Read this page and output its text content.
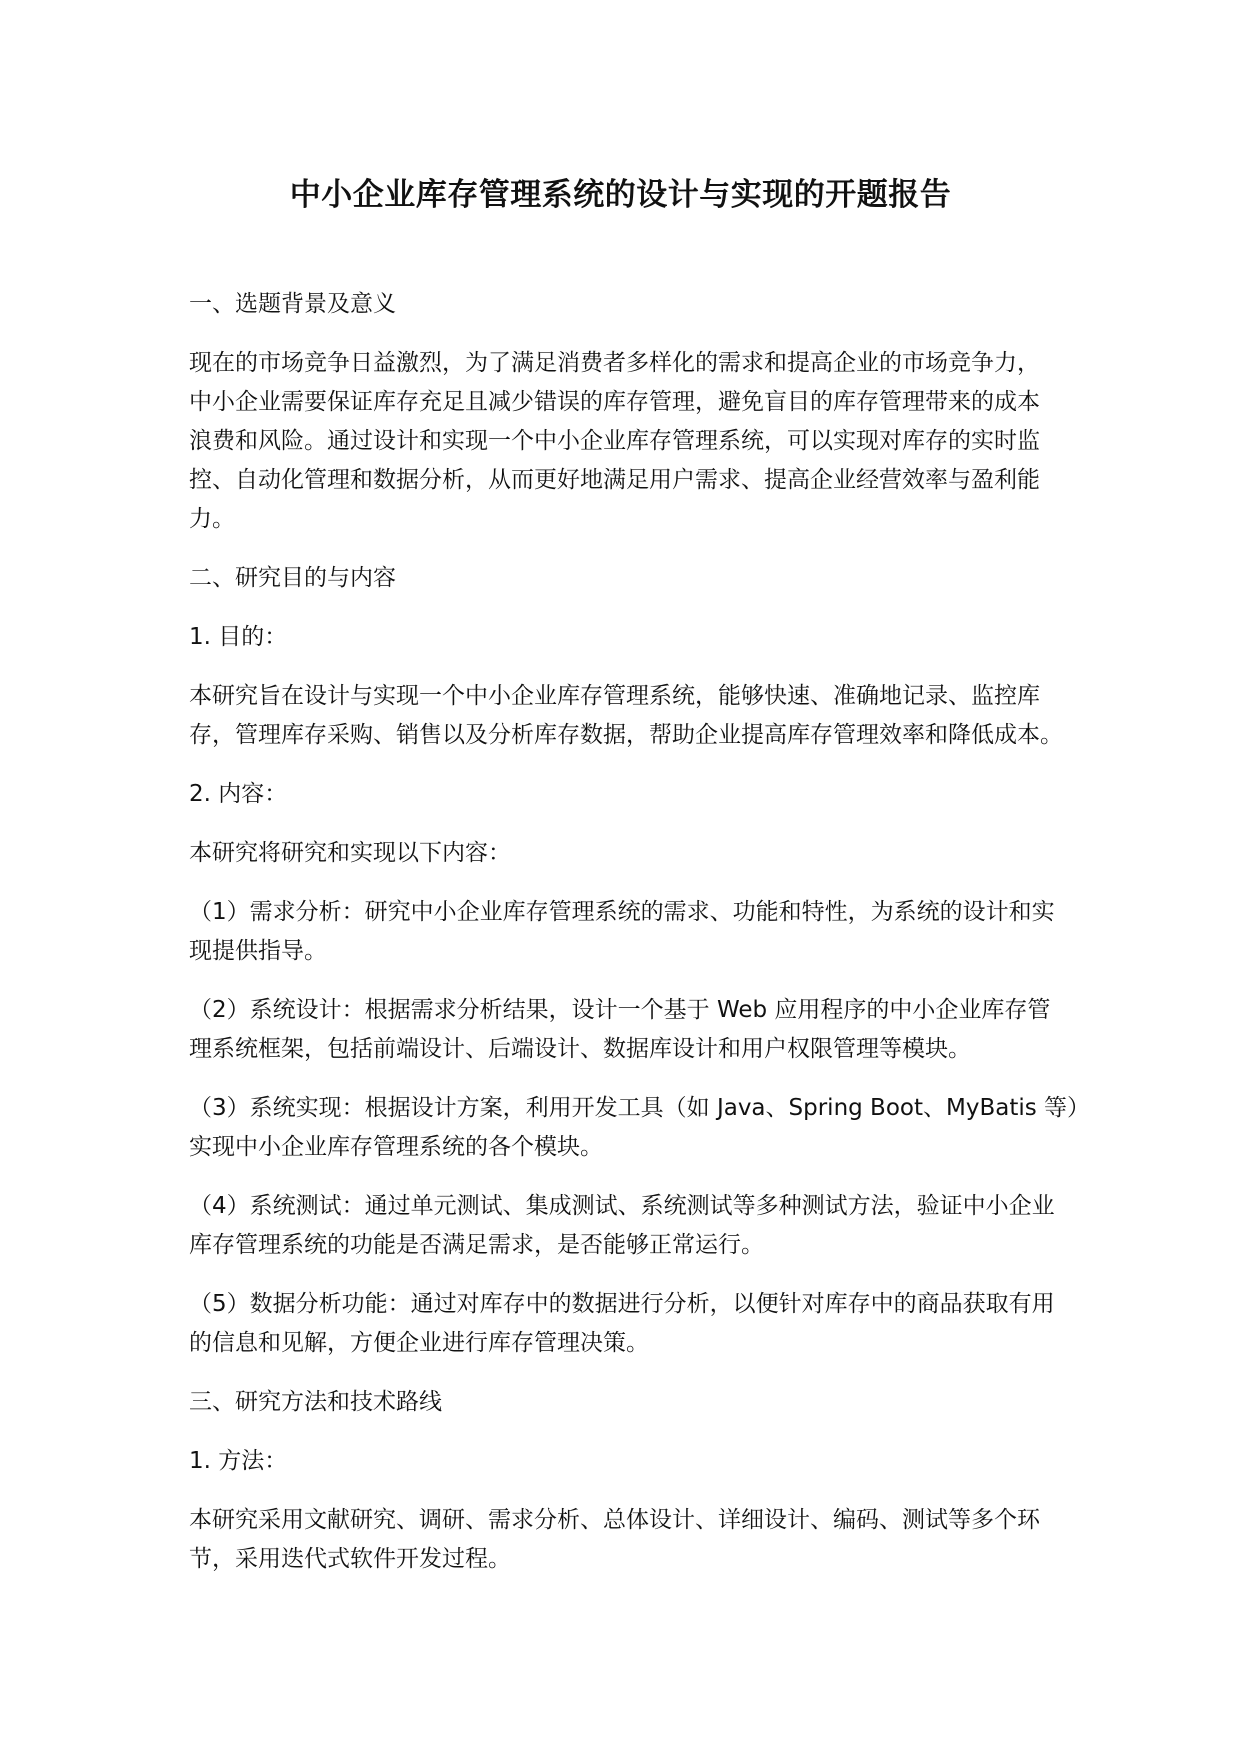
中小企业库存管理系统的设计与实现的开题报告
一、选题背景及意义
现在的市场竞争日益激烈，为了满足消费者多样化的需求和提高企业的市场竞争力，
中小企业需要保证库存充足且减少错误的库存管理，避免盲目的库存管理带来的成本
浪费和风险。通过设计和实现一个中小企业库存管理系统，可以实现对库存的实时监
控、自动化管理和数据分析，从而更好地满足用户需求、提高企业经营效率与盈利能
力。
二、研究目的与内容
1. 目的：
本研究旨在设计与实现一个中小企业库存管理系统，能够快速、准确地记录、监控库
存，管理库存采购、销售以及分析库存数据，帮助企业提高库存管理效率和降低成本。
2. 内容：
本研究将研究和实现以下内容：
（1）需求分析：研究中小企业库存管理系统的需求、功能和特性，为系统的设计和实
现提供指导。
（2）系统设计：根据需求分析结果，设计一个基于 Web 应用程序的中小企业库存管
理系统框架，包括前端设计、后端设计、数据库设计和用户权限管理等模块。
（3）系统实现：根据设计方案，利用开发工具（如 Java、Spring Boot、MyBatis 等）
实现中小企业库存管理系统的各个模块。
（4）系统测试：通过单元测试、集成测试、系统测试等多种测试方法，验证中小企业
库存管理系统的功能是否满足需求，是否能够正常运行。
（5）数据分析功能：通过对库存中的数据进行分析，以便针对库存中的商品获取有用
的信息和见解，方便企业进行库存管理决策。
三、研究方法和技术路线
1. 方法：
本研究采用文献研究、调研、需求分析、总体设计、详细设计、编码、测试等多个环
节，采用迭代式软件开发过程。
